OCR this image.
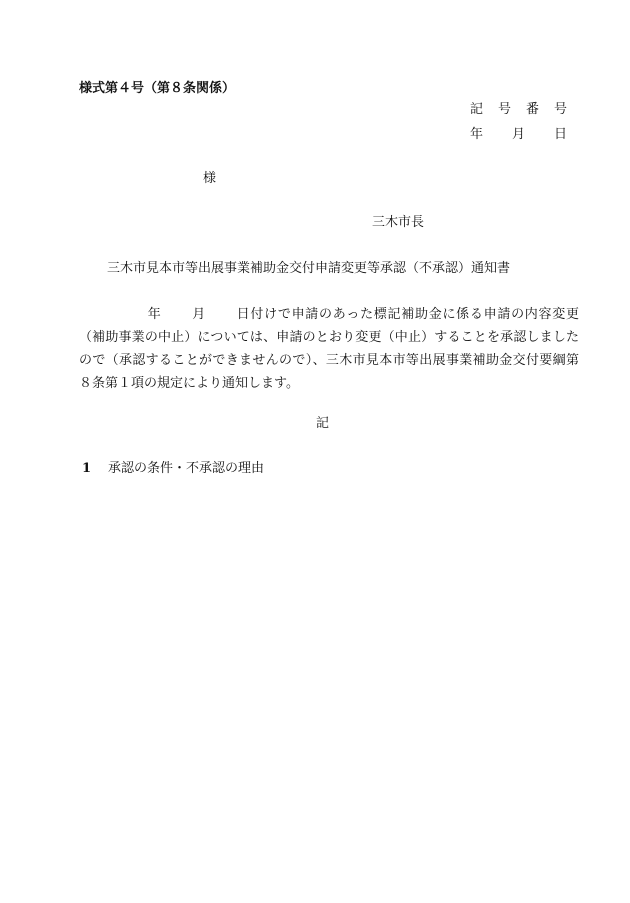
様式第４号（第８条関係）
記 号 番 号
年 月 日
様
三木市長
三木市見本市等出展事業補助金交付申請変更等承認（不承認）通知書
年 月 日付けで申請のあった標記補助金に係る申請の内容変更（補助事業の中止）については、申請のとおり変更（中止）することを承認しましたので（承認することができませんので）、三木市見本市等出展事業補助金交付要綱第８条第１項の規定により通知します。
記
1 承認の条件・不承認の理由
